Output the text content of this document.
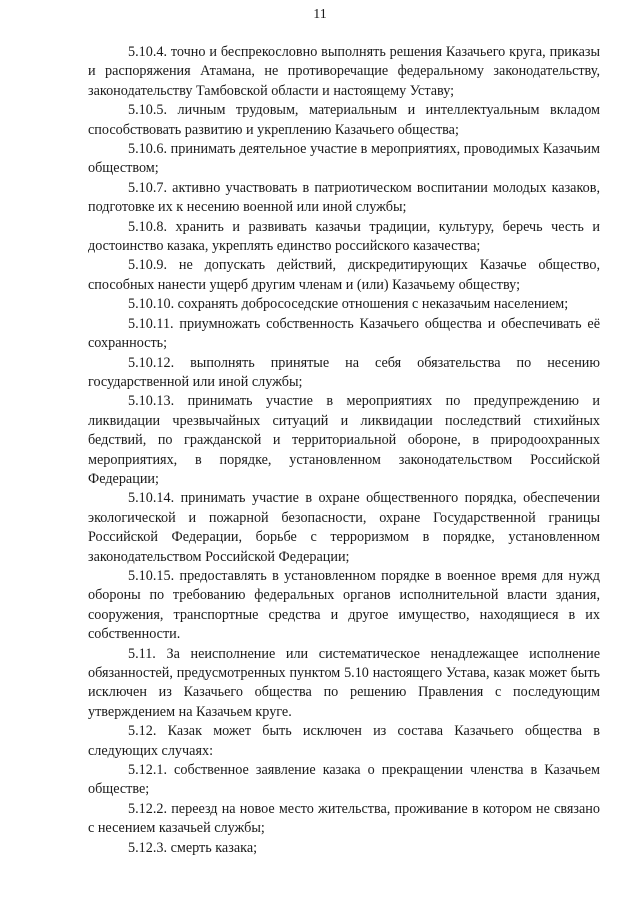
11

5.10.4. точно и беспрекословно выполнять решения Казачьего круга, приказы и распоряжения Атамана, не противоречащие федеральному законодательству, законодательству Тамбовской области и настоящему Уставу;

5.10.5. личным трудовым, материальным и интеллектуальным вкладом способствовать развитию и укреплению Казачьего общества;

5.10.6. принимать деятельное участие в мероприятиях, проводимых Казачьим обществом;

5.10.7. активно участвовать в патриотическом воспитании молодых казаков, подготовке их к несению военной или иной службы;

5.10.8. хранить и развивать казачьи традиции, культуру, беречь честь и достоинство казака, укреплять единство российского казачества;

5.10.9. не допускать действий, дискредитирующих Казачье общество, способных нанести ущерб другим членам и (или) Казачьему обществу;

5.10.10. сохранять добрососедские отношения с неказачьим населением;

5.10.11. приумножать собственность Казачьего общества и обеспечивать её сохранность;

5.10.12. выполнять принятые на себя обязательства по несению государственной или иной службы;

5.10.13. принимать участие в мероприятиях по предупреждению и ликвидации чрезвычайных ситуаций и ликвидации последствий стихийных бедствий, по гражданской и территориальной обороне, в природоохранных мероприятиях, в порядке, установленном законодательством Российской Федерации;

5.10.14. принимать участие в охране общественного порядка, обеспечении экологической и пожарной безопасности, охране Государственной границы Российской Федерации, борьбе с терроризмом в порядке, установленном законодательством Российской Федерации;

5.10.15. предоставлять в установленном порядке в военное время для нужд обороны по требованию федеральных органов исполнительной власти здания, сооружения, транспортные средства и другое имущество, находящиеся в их собственности.

5.11. За неисполнение или систематическое ненадлежащее исполнение обязанностей, предусмотренных пунктом 5.10 настоящего Устава, казак может быть исключен из Казачьего общества по решению Правления с последующим утверждением на Казачьем круге.

5.12. Казак может быть исключен из состава Казачьего общества в следующих случаях:

5.12.1. собственное заявление казака о прекращении членства в Казачьем обществе;

5.12.2. переезд на новое место жительства, проживание в котором не связано с несением казачьей службы;

5.12.3. смерть казака;
